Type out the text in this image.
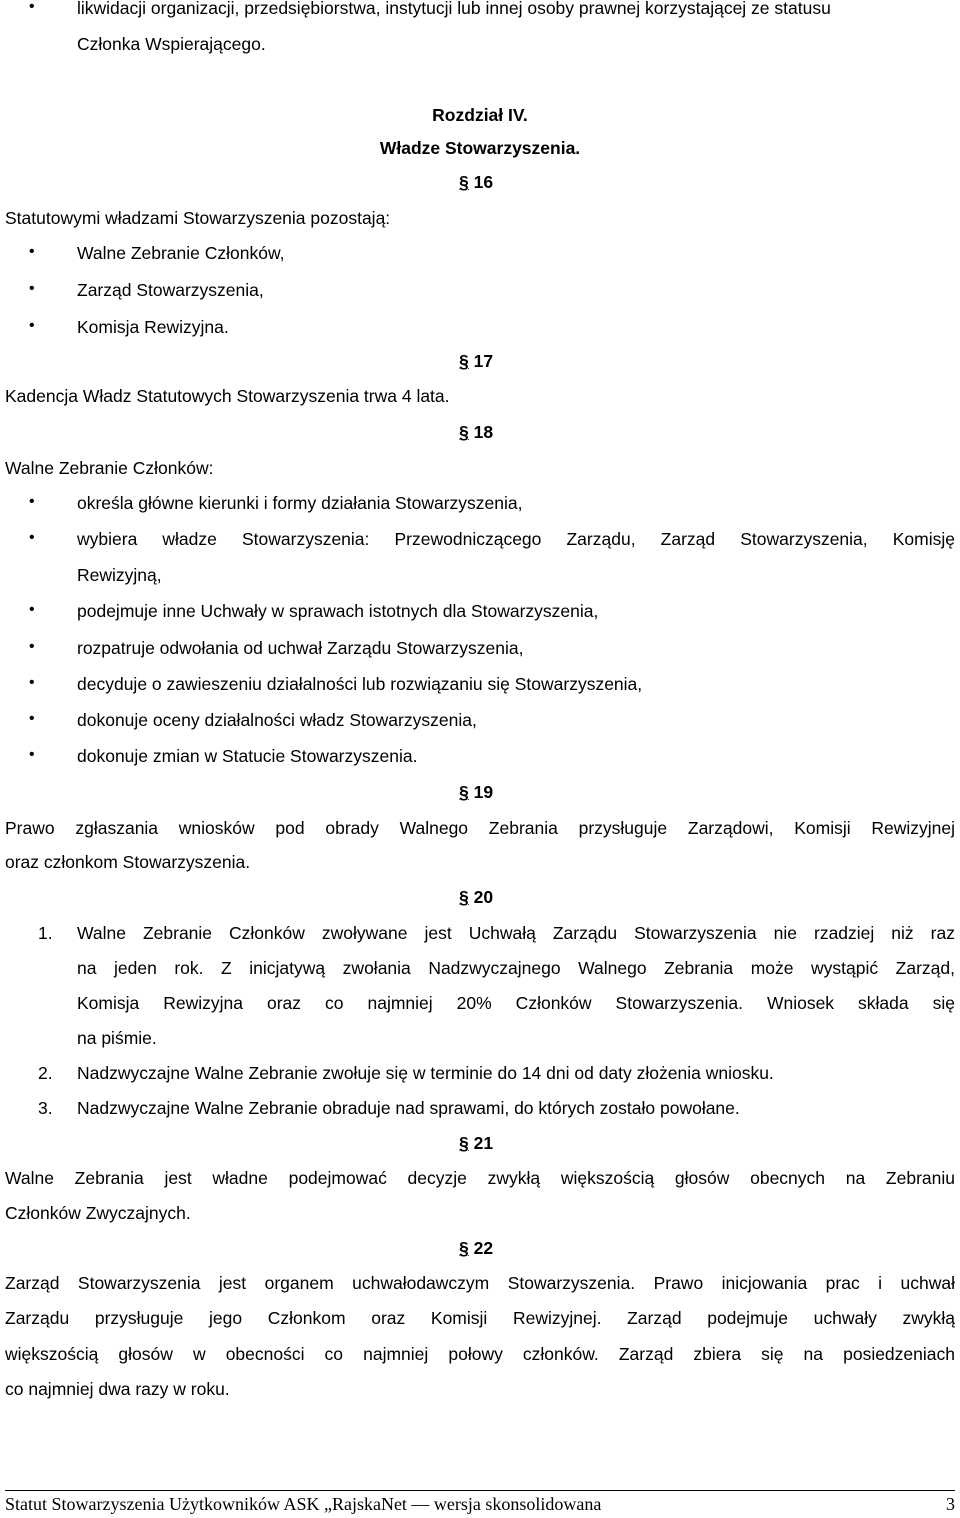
• likwidacji organizacji, przedsiębiorstwa, instytucji lub innej osoby prawnej korzystającej ze statusu
Członka Wspierającego.
Rozdział IV.
Władze Stowarzyszenia.
§ 16
Statutowymi władzami Stowarzyszenia pozostają:
• Walne Zebranie Członków,
• Zarząd Stowarzyszenia,
• Komisja Rewizyjna.
§ 17
Kadencja Władz Statutowych Stowarzyszenia trwa 4 lata.
§ 18
Walne Zebranie Członków:
• określa główne kierunki i formy działania Stowarzyszenia,
wybiera władze Stowarzyszenia: Przewodniczącego Zarządu, Zarząd Stowarzyszenia, Komisję
•
Rewizyjną,
• podejmuje inne Uchwały w sprawach istotnych dla Stowarzyszenia,
• rozpatruje odwołania od uchwał Zarządu Stowarzyszenia,
• decyduje o zawieszeniu działalności lub rozwiązaniu się Stowarzyszenia,
• dokonuje oceny działalności władz Stowarzyszenia,
• dokonuje zmian w Statucie Stowarzyszenia.
§ 19
Prawo zgłaszania wniosków pod obrady Walnego Zebrania przysługuje Zarządowi, Komisji Rewizyjnej
oraz członkom Stowarzyszenia.
§ 20
1. Walne Zebranie Członków zwoływane jest Uchwałą Zarządu Stowarzyszenia nie rzadziej niż raz
na jeden rok. Z inicjatywą zwołania Nadzwyczajnego Walnego Zebrania może wystąpić Zarząd,
Komisja Rewizyjna oraz co najmniej 20% Członków Stowarzyszenia. Wniosek składa się
na piśmie.
2. Nadzwyczajne Walne Zebranie zwołuje się w terminie do 14 dni od daty złożenia wniosku.
3. Nadzwyczajne Walne Zebranie obraduje nad sprawami, do których zostało powołane.
§ 21
Walne Zebrania jest władne podejmować decyzje zwykłą większością głosów obecnych na Zebraniu
Członków Zwyczajnych.
§ 22
Zarząd Stowarzyszenia jest organem uchwałodawczym Stowarzyszenia. Prawo inicjowania prac i uchwał
Zarządu przysługuje jego Członkom oraz Komisji Rewizyjnej. Zarząd podejmuje uchwały zwykłą
większością głosów w obecności co najmniej połowy członków. Zarząd zbiera się na posiedzeniach
co najmniej dwa razy w roku.
Statut Stowarzyszenia Użytkowników ASK „RajskaNet — wersja skonsolidowana	3
